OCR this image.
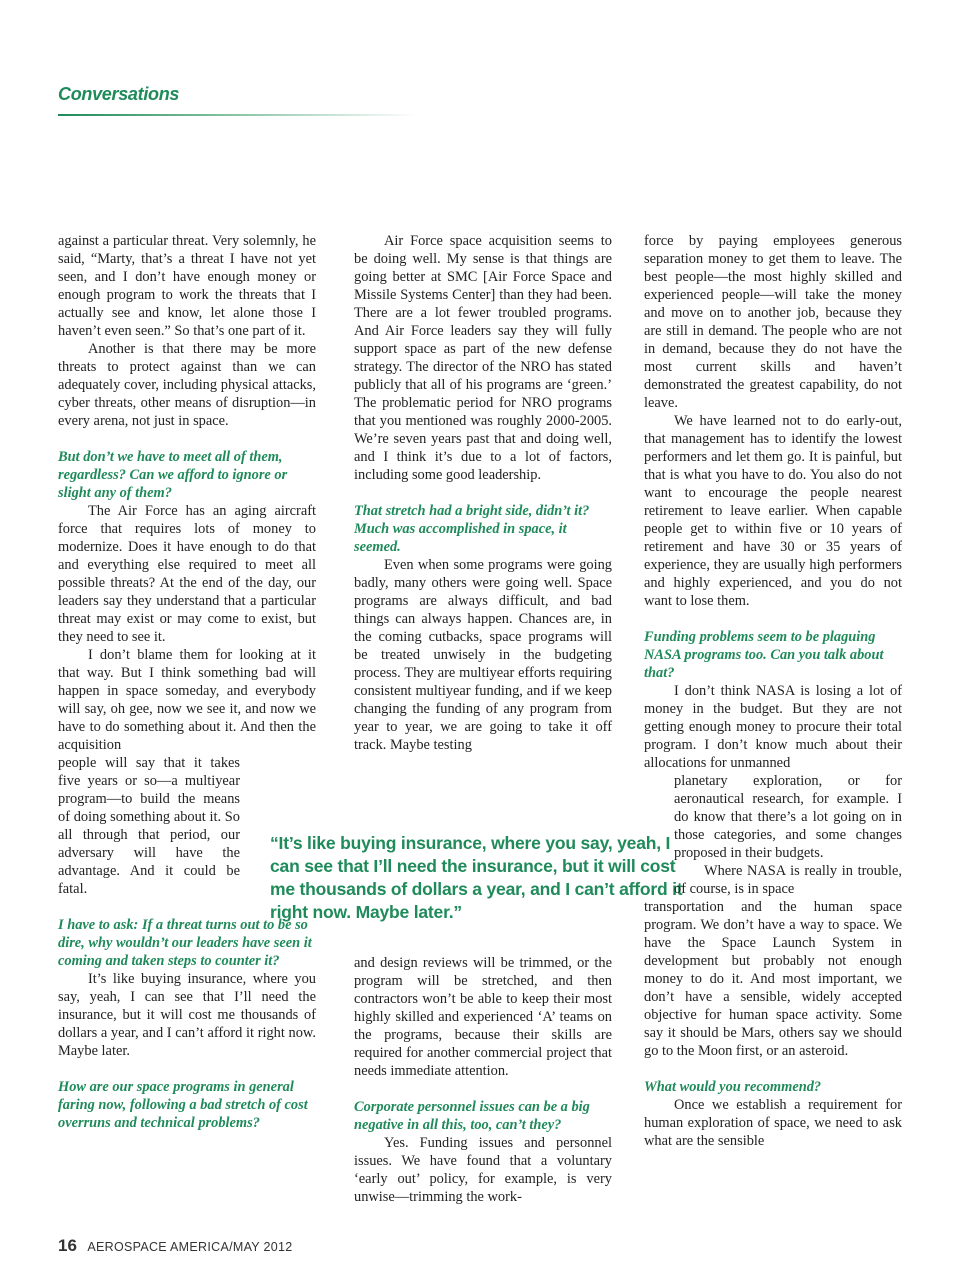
Conversations

against a particular threat. Very solemnly, he said, “Marty, that’s a threat I have not yet seen, and I don’t have enough money or enough program to work the threats that I actually see and know, let alone those I haven’t even seen.” So that’s one part of it.

Another is that there may be more threats to protect against than we can adequately cover, including physical attacks, cyber threats, other means of disruption—in every arena, not just in space.

But don’t we have to meet all of them, regardless? Can we afford to ignore or slight any of them?

The Air Force has an aging aircraft force that requires lots of money to modernize. Does it have enough to do that and everything else required to meet all possible threats? At the end of the day, our leaders say they understand that a particular threat may exist or may come to exist, but they need to see it.

I don’t blame them for looking at it that way. But I think something bad will happen in space someday, and everybody will say, oh gee, now we see it, and now we have to do something about it. And then the acquisition

people will say that it takes five years or so—a multiyear program—to build the means of doing something about it. So all through that period, our adversary will have the advantage. And it could be fatal.

I have to ask: If a threat turns out to be so dire, why wouldn’t our leaders have seen it coming and taken steps to counter it?

It’s like buying insurance, where you say, yeah, I can see that I’ll need the insurance, but it will cost me thousands of dollars a year, and I can’t afford it right now. Maybe later.

How are our space programs in general faring now, following a bad stretch of cost overruns and technical problems?

Air Force space acquisition seems to be doing well. My sense is that things are going better at SMC [Air Force Space and Missile Systems Center] than they had been. There are a lot fewer troubled programs. And Air Force leaders say they will fully support space as part of the new defense strategy. The director of the NRO has stated publicly that all of his programs are ‘green.’ The problematic period for NRO programs that you mentioned was roughly 2000-2005. We’re seven years past that and doing well, and I think it’s due to a lot of factors, including some good leadership.

That stretch had a bright side, didn’t it? Much was accomplished in space, it seemed.

Even when some programs were going badly, many others were going well. Space programs are always difficult, and bad things can always happen. Chances are, in the coming cutbacks, space programs will be treated unwisely in the budgeting process. They are multiyear efforts requiring consistent multiyear funding, and if we keep changing the funding of any program from year to year, we are going to take it off track. Maybe testing

“It’s like buying insurance, where you say, yeah, I can see that I’ll need the insurance, but it will cost me thousands of dollars a year, and I can’t afford it right now. Maybe later.”

and design reviews will be trimmed, or the program will be stretched, and then contractors won’t be able to keep their most highly skilled and experienced ‘A’ teams on the programs, because their skills are required for another commercial project that needs immediate attention.

Corporate personnel issues can be a big negative in all this, too, can’t they?

Yes. Funding issues and personnel issues. We have found that a voluntary ‘early out’ policy, for example, is very unwise—trimming the work-

force by paying employees generous separation money to get them to leave. The best people—the most highly skilled and experienced people—will take the money and move on to another job, because they are still in demand. The people who are not in demand, because they do not have the most current skills and haven’t demonstrated the greatest capability, do not leave.

We have learned not to do early-out, that management has to identify the lowest performers and let them go. It is painful, but that is what you have to do. You also do not want to encourage the people nearest retirement to leave earlier. When capable people get to within five or 10 years of retirement and have 30 or 35 years of experience, they are usually high performers and highly experienced, and you do not want to lose them.

Funding problems seem to be plaguing NASA programs too. Can you talk about that?

I don’t think NASA is losing a lot of money in the budget. But they are not getting enough money to procure their total program. I don’t know much about their allocations for unmanned

planetary exploration, or for aeronautical research, for example. I do know that there’s a lot going on in those categories, and some changes proposed in their budgets.

Where NASA is really in trouble, of course, is in space

transportation and the human space program. We don’t have a way to space. We have the Space Launch System in development but probably not enough money to do it. And most important, we don’t have a sensible, widely accepted objective for human space activity. Some say it should be Mars, others say we should go to the Moon first, or an asteroid.

What would you recommend?

Once we establish a requirement for human exploration of space, we need to ask what are the sensible

16 AEROSPACE AMERICA/MAY 2012
